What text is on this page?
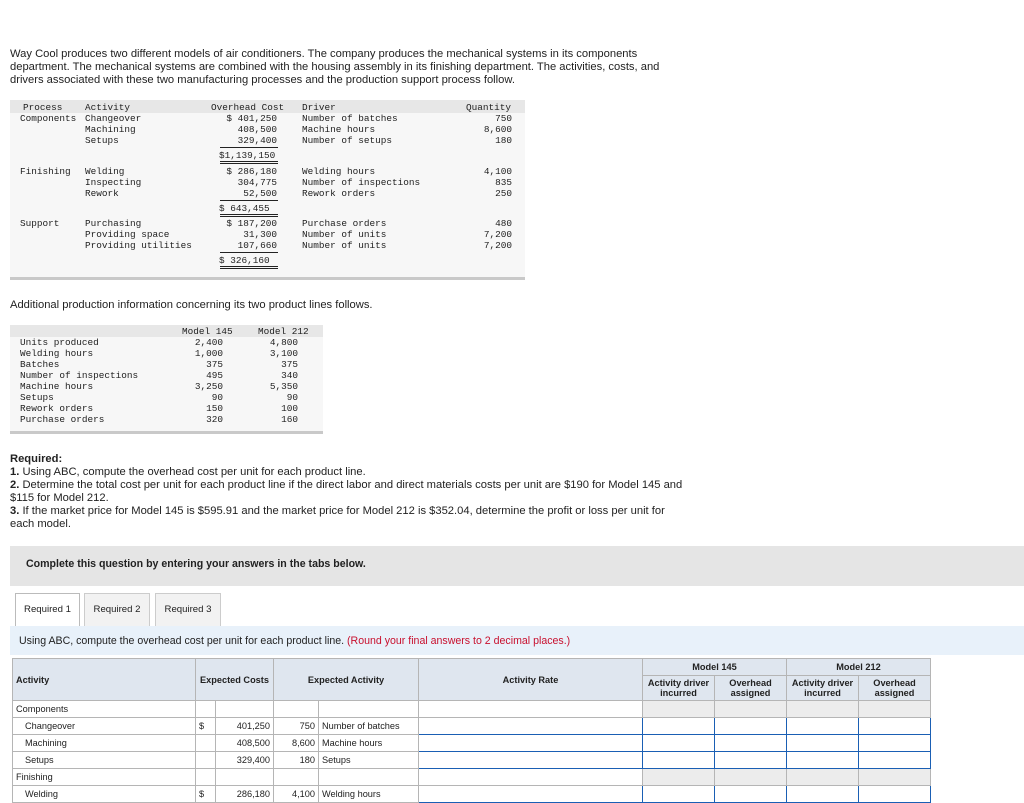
Way Cool produces two different models of air conditioners. The company produces the mechanical systems in its components department. The mechanical systems are combined with the housing assembly in its finishing department. The activities, costs, and drivers associated with these two manufacturing processes and the production support process follow.
Process Activity	Overhead Cost Driver	Quantity
Components Changeover	$ 401,250	Number of batches	750
Machining	408,500	Machine hours	8,600
Setups	329,400	Number of setups	180
$1,139,150
Finishing Welding	$ 286,180	Welding hours	4,100
Inspecting	304,775	Number of inspections	835
Rework	52,500	Rework orders	250
$ 643,455
Support	Purchasing	$ 187,200	Purchase orders	480
Providing space	31,300	Number of units	7,200
Providing utilities	107,660	Number of units	7,200
$ 326,160
Additional production information concerning its two product lines follows.
Model 145	Model 212
Units produced	2,400	4,800
Welding hours	1,000	3,100
Batches	375	375
Number of inspections	495	340
Machine hours	3,250	5,350
Setups	90	90
Rework orders	150	100
Purchase orders	320	160
Required:
1. Using ABC, compute the overhead cost per unit for each product line.
2. Determine the total cost per unit for each product line if the direct labor and direct materials costs per unit are $190 for Model 145 and $115 for Model 212.
3. If the market price for Model 145 is $595.91 and the market price for Model 212 is $352.04, determine the profit or loss per unit for each model.
Complete this question by entering your answers in the tabs below.
Required 1	Required 2	Required 3
Using ABC, compute the overhead cost per unit for each product line. (Round your final answers to 2 decimal places.)
Activity	Expected Costs		Expected Activity		Activity Rate	Model 145		Model 212	
						Activity driver incurred	Overhead assigned	Activity driver incurred	Overhead assigned
Components									
Changeover	$	401,250	750	Number of batches					
Machining		408,500	8,600	Machine hours					
Setups		329,400	180	Setups					
Finishing									
Welding	$	286,180	4,100	Welding hours					
